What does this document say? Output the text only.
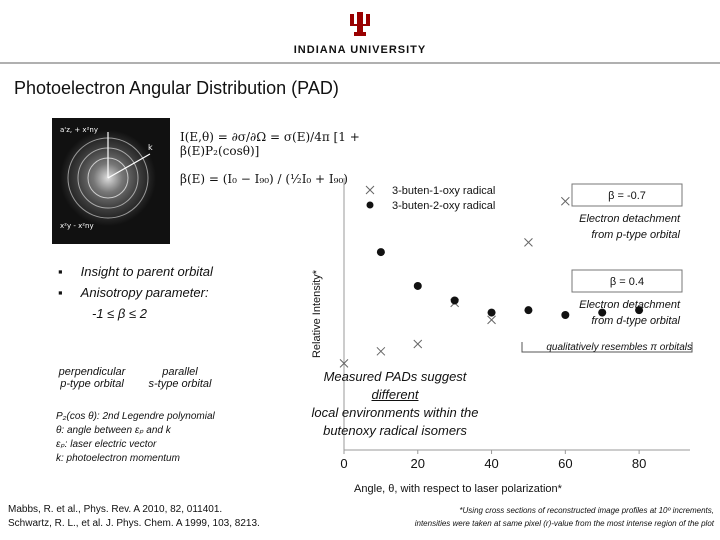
INDIANA UNIVERSITY
Photoelectron Angular Distribution (PAD)
a'z, + x²ny
k
x²y - x²ny
I(E,θ) = ∂σ/∂Ω = σ(E)/4π [1 + β(E)P₂(cosθ)]
β(E) = (I₀ − I₉₀) / (½I₀ + I₉₀)
▪     Insight to parent orbital
▪     Anisotropy parameter:
-1 ≤ β ≤ 2
perpendicular
p-type orbital
parallel
s-type orbital
P₂(cos θ): 2nd Legendre polynomial
θ: angle between εₚ and k
εₚ: laser electric vector
k: photoelectron momentum	0	20	40	60	80
Relative Intensity*
Angle, θ, with respect to laser polarization*
3-buten-1-oxy radical
3-buten-2-oxy radical
β = -0.7
Electron detachment
from p-type orbital
β = 0.4
Electron detachment
from d-type orbital
qualitatively resembles π orbitals
Measured PADs suggest
different
local environments within the
butenoxy radical isomers
Mabbs, R. et al., Phys. Rev. A 2010, 82, 011401.
Schwartz, R. L., et al. J. Phys. Chem. A 1999, 103, 8213.
*Using cross sections of reconstructed image profiles at 10º increments,
intensities were taken at same pixel (r)-value from the most intense region of the plot
